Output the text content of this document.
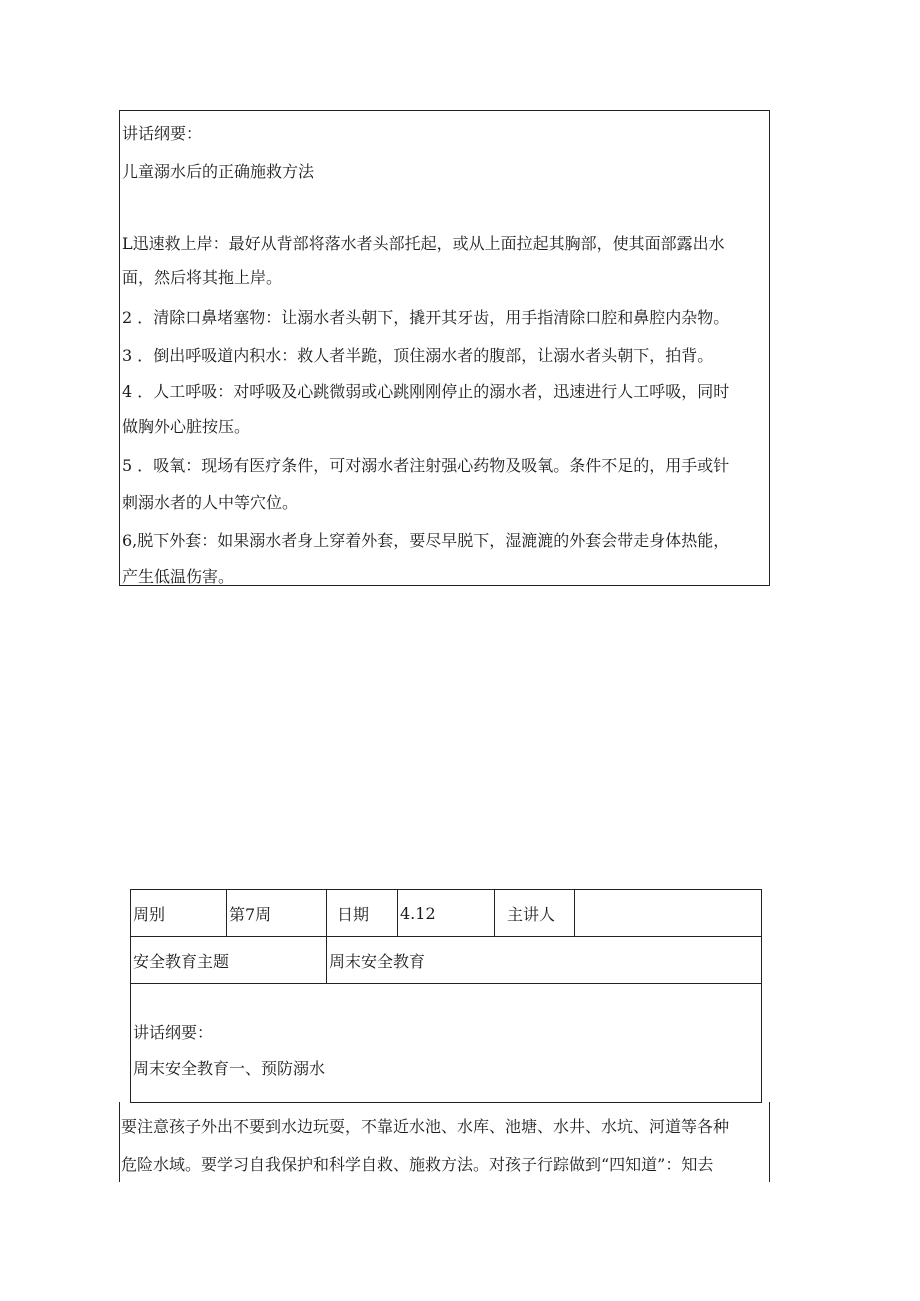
讲话纲要：
儿童溺水后的正确施救方法
L迅速救上岸：最好从背部将落水者头部托起，或从上面拉起其胸部，使其面部露出水
面，然后将其拖上岸。
2 ．清除口鼻堵塞物：让溺水者头朝下，撬开其牙齿，用手指清除口腔和鼻腔内杂物。
3 ．倒出呼吸道内积水：救人者半跪，顶住溺水者的腹部，让溺水者头朝下，拍背。
4 ．人工呼吸：对呼吸及心跳微弱或心跳刚刚停止的溺水者，迅速进行人工呼吸，同时
做胸外心脏按压。
5 ．吸氧：现场有医疗条件，可对溺水者注射强心药物及吸氧。条件不足的，用手或针
刺溺水者的人中等穴位。
6,脱下外套：如果溺水者身上穿着外套，要尽早脱下，湿漉漉的外套会带走身体热能，
产生低温伤害。
周别	第7周	日期	4.12	主讲人	
安全教育主题		周末安全教育			

讲话纲要：
周末安全教育一、预防溺水					
要注意孩子外出不要到水边玩耍，不靠近水池、水库、池塘、水井、水坑、河道等各种
危险水域。要学习自我保护和科学自救、施救方法。对孩子行踪做到“四知道”：知去
